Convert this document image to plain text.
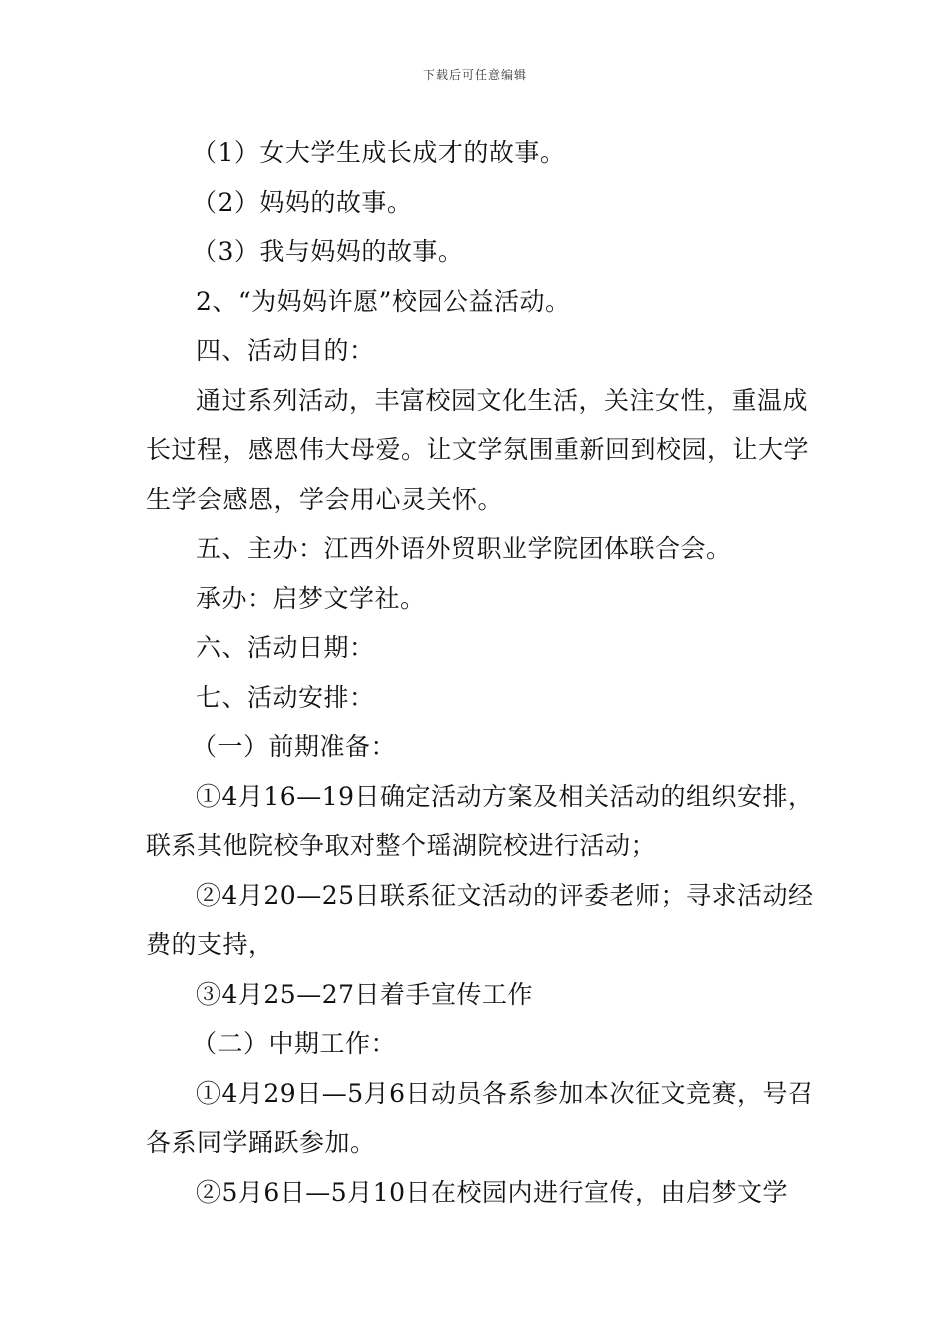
下载后可任意编辑

（1）女大学生成长成才的故事。

（2）妈妈的故事。

（3）我与妈妈的故事。

2、“为妈妈许愿”校园公益活动。

四、活动目的：

通过系列活动，丰富校园文化生活，关注女性，重温成长过程，感恩伟大母爱。让文学氛围重新回到校园，让大学生学会感恩，学会用心灵关怀。

五、主办：江西外语外贸职业学院团体联合会。

承办：启梦文学社。

六、活动日期：

七、活动安排：

（一）前期准备：

①4月16—19日确定活动方案及相关活动的组织安排，联系其他院校争取对整个瑶湖院校进行活动；

②4月20—25日联系征文活动的评委老师；寻求活动经费的支持，

③4月25—27日着手宣传工作

（二）中期工作：

①4月29日—5月6日动员各系参加本次征文竞赛，号召各系同学踊跃参加。

②5月6日—5月10日在校园内进行宣传，由启梦文学
